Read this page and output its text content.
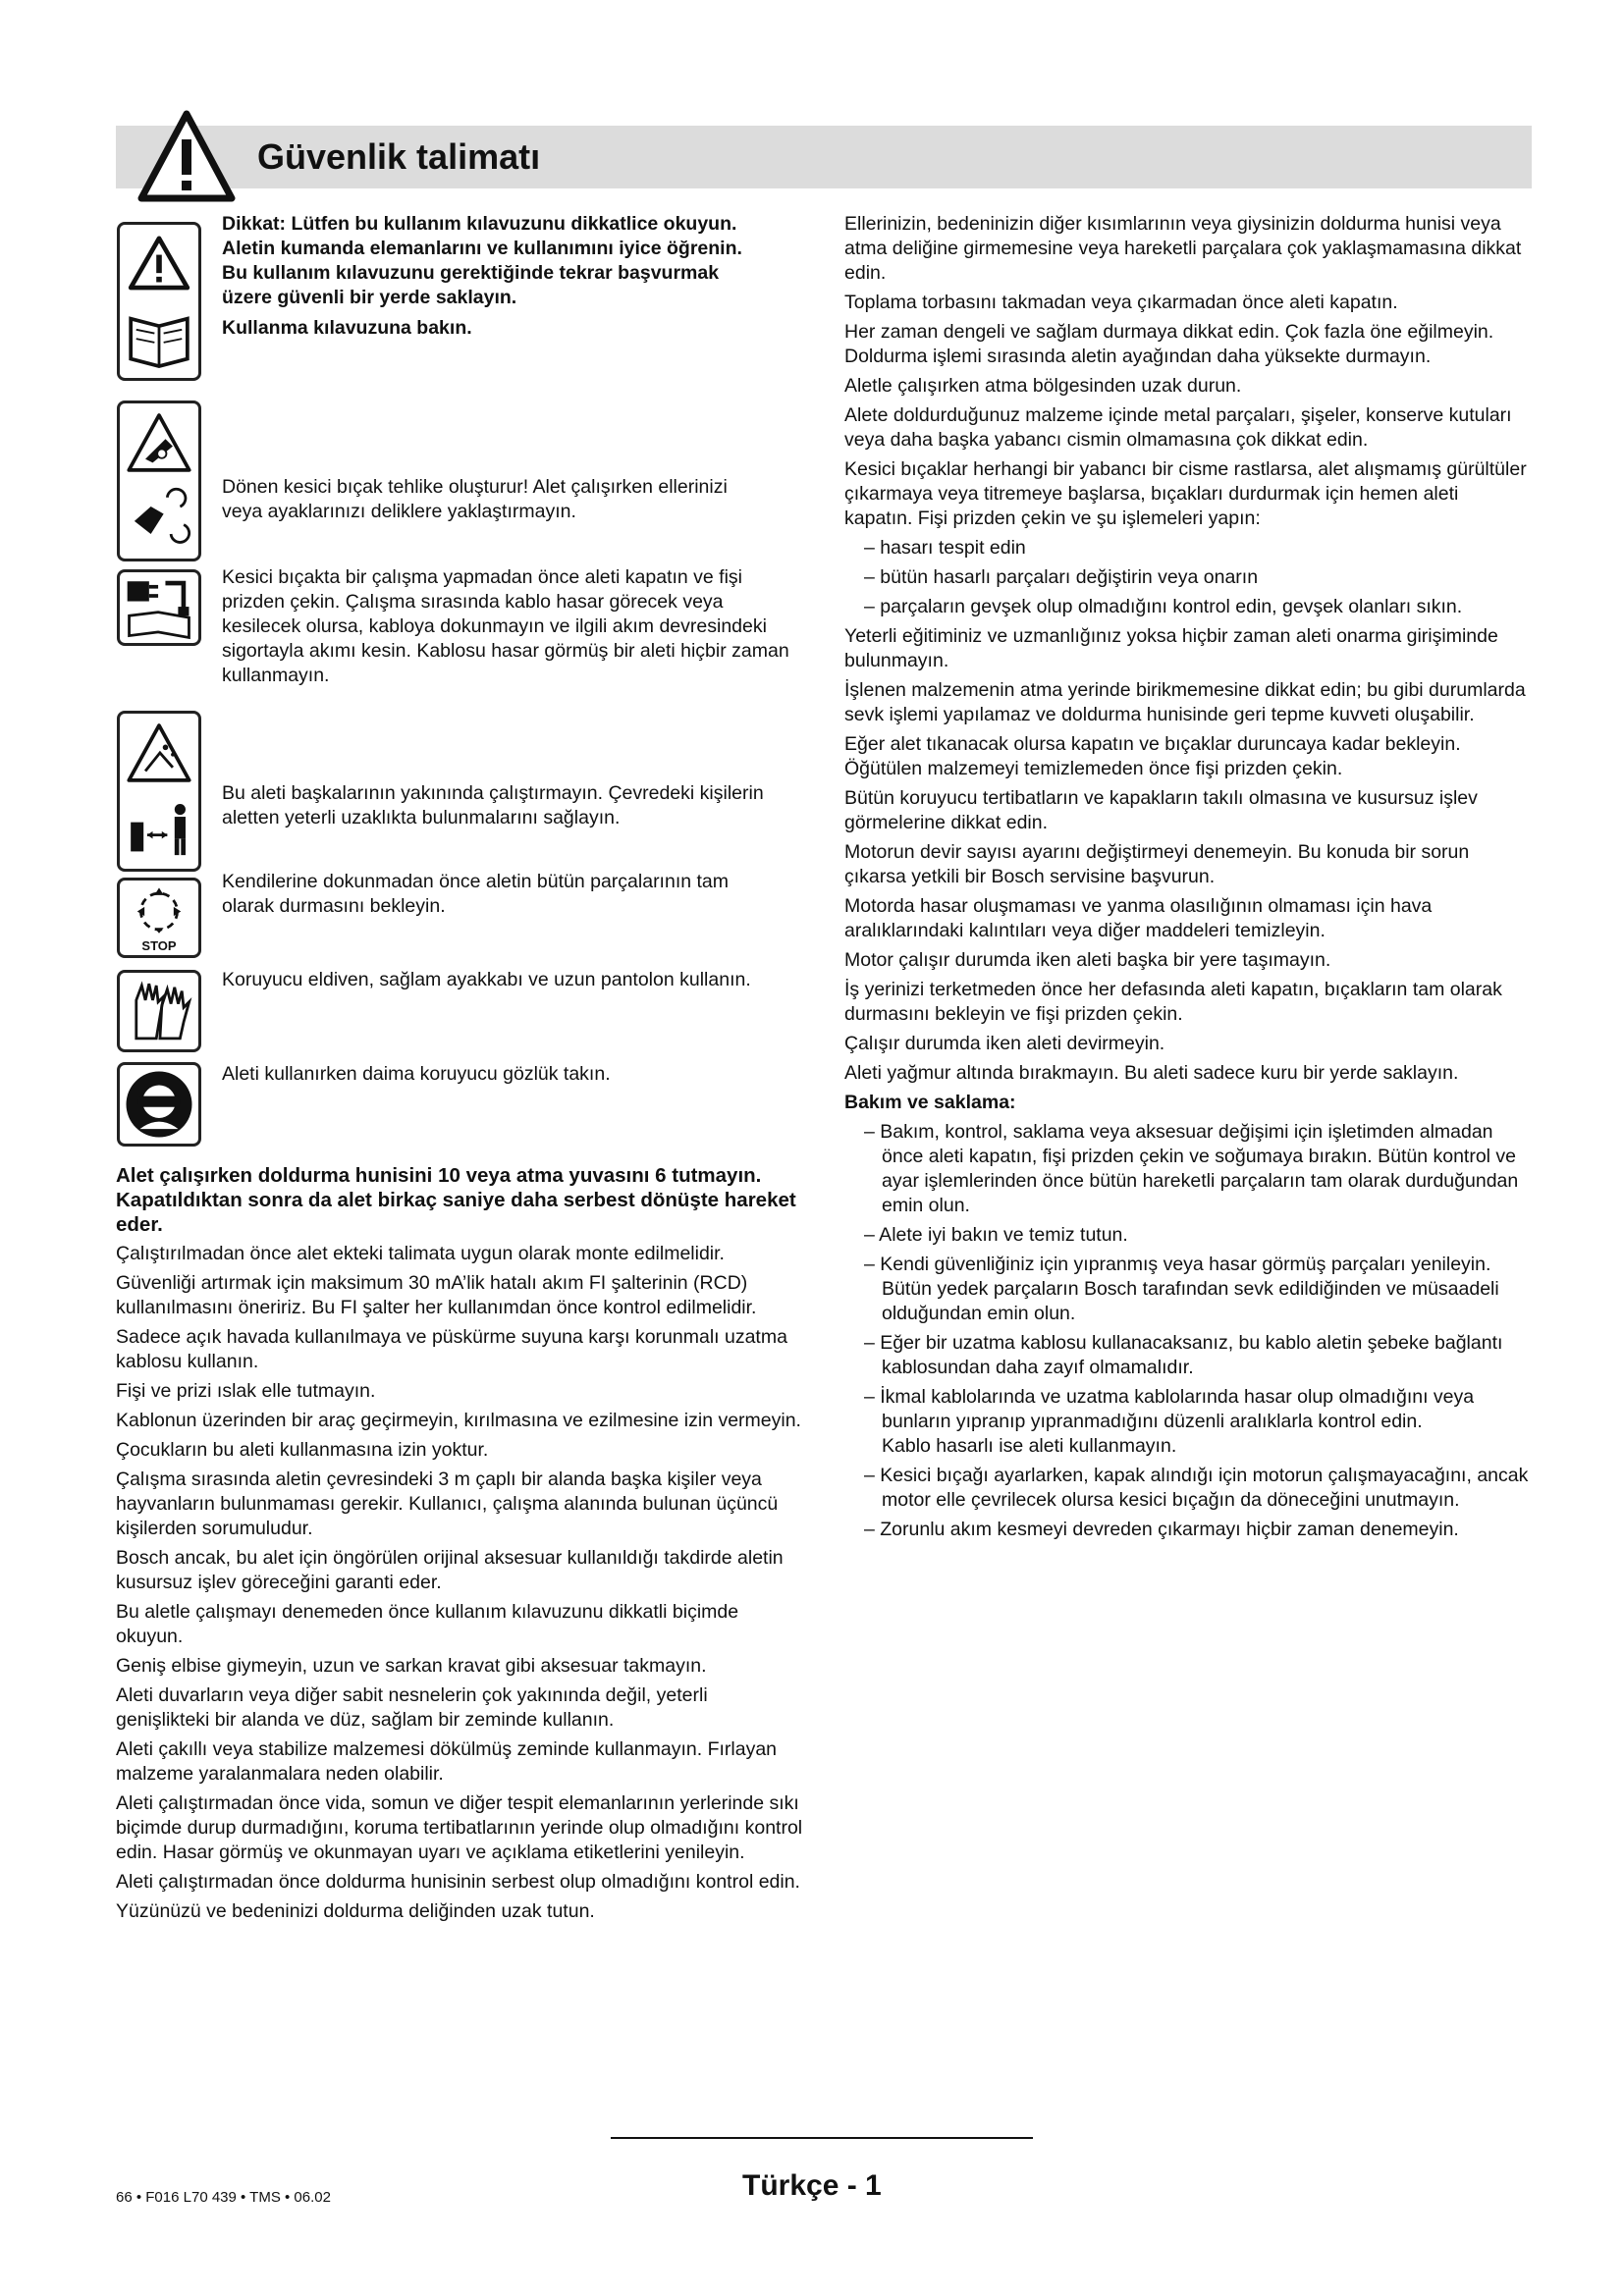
Güvenlik talimatı
STOP

Dikkat: Lütfen bu kullanım kılavuzunu dikkatlice okuyun. Aletin kumanda elemanlarını ve kullanımını iyice öğrenin. Bu kullanım kılavuzunu gerektiğinde tekrar başvurmak üzere güvenli bir yerde saklayın.

Kullanma kılavuzuna bakın.

Dönen kesici bıçak tehlike oluşturur! Alet çalışırken ellerinizi veya ayaklarınızı deliklere yaklaştırmayın.
Kesici bıçakta bir çalışma yapmadan önce aleti kapatın ve fişi prizden çekin. Çalışma sırasında kablo hasar görecek veya kesilecek olursa, kabloya dokunmayın ve ilgili akım devresindeki sigortayla akımı kesin. Kablosu hasar görmüş bir aleti hiçbir zaman kullanmayın.
Bu aleti başkalarının yakınında çalıştırmayın. Çevredeki kişilerin aletten yeterli uzaklıkta bulunmalarını sağlayın.
Kendilerine dokunmadan önce aletin bütün parçalarının tam olarak durmasını bekleyin.
Koruyucu eldiven, sağlam ayakkabı ve uzun pantolon kullanın.
Aleti kullanırken daima koruyucu gözlük takın.

Alet çalışırken doldurma hunisini 10 veya atma yuvasını 6 tutmayın. Kapatıldıktan sonra da alet birkaç saniye daha serbest dönüşte hareket eder.

Çalıştırılmadan önce alet ekteki talimata uygun olarak monte edilmelidir.

Güvenliği artırmak için maksimum 30 mA’lik hatalı akım FI şalterinin (RCD) kullanılmasını öneririz. Bu FI şalter her kullanımdan önce kontrol edilmelidir.

Sadece açık havada kullanılmaya ve püskürme suyuna karşı korunmalı uzatma kablosu kullanın.

Fişi ve prizi ıslak elle tutmayın.

Kablonun üzerinden bir araç geçirmeyin, kırılmasına ve ezilmesine izin vermeyin.

Çocukların bu aleti kullanmasına izin yoktur.

Çalışma sırasında aletin çevresindeki 3 m çaplı bir alanda başka kişiler veya hayvanların bulunmaması gerekir. Kullanıcı, çalışma alanında bulunan üçüncü kişilerden sorumuludur.

Bosch ancak, bu alet için öngörülen orijinal aksesuar kullanıldığı takdirde aletin kusursuz işlev göreceğini garanti eder.

Bu aletle çalışmayı denemeden önce kullanım kılavuzunu dikkatli biçimde okuyun.

Geniş elbise giymeyin, uzun ve sarkan kravat gibi aksesuar takmayın.

Aleti duvarların veya diğer sabit nesnelerin çok yakınında değil, yeterli genişlikteki bir alanda ve düz, sağlam bir zeminde kullanın.

Aleti çakıllı veya stabilize malzemesi dökülmüş zeminde kullanmayın. Fırlayan malzeme yaralanmalara neden olabilir.

Aleti çalıştırmadan önce vida, somun ve diğer tespit elemanlarının yerlerinde sıkı biçimde durup durmadığını, koruma tertibatlarının yerinde olup olmadığını kontrol edin. Hasar görmüş ve okunmayan uyarı ve açıklama etiketlerini yenileyin.

Aleti çalıştırmadan önce doldurma hunisinin serbest olup olmadığını kontrol edin.

Yüzünüzü ve bedeninizi doldurma deliğinden uzak tutun.

Ellerinizin, bedeninizin diğer kısımlarının veya giysinizin doldurma hunisi veya atma deliğine girmemesine veya hareketli parçalara çok yaklaşmamasına dikkat edin.

Toplama torbasını takmadan veya çıkarmadan önce aleti kapatın.

Her zaman dengeli ve sağlam durmaya dikkat edin. Çok fazla öne eğilmeyin. Doldurma işlemi sırasında aletin ayağından daha yüksekte durmayın.

Aletle çalışırken atma bölgesinden uzak durun.

Alete doldurduğunuz malzeme içinde metal parçaları, şişeler, konserve kutuları veya daha başka yabancı cismin olmamasına çok dikkat edin.

Kesici bıçaklar herhangi bir yabancı bir cisme rastlarsa, alet alışmamış gürültüler çıkarmaya veya titremeye başlarsa, bıçakları durdurmak için hemen aleti kapatın. Fişi prizden çekin ve şu işlemeleri yapın:

– hasarı tespit edin

– bütün hasarlı parçaları değiştirin veya onarın

– parçaların gevşek olup olmadığını kontrol edin, gevşek olanları sıkın.

Yeterli eğitiminiz ve uzmanlığınız yoksa hiçbir zaman aleti onarma girişiminde bulunmayın.

İşlenen malzemenin atma yerinde birikmemesine dikkat edin; bu gibi durumlarda sevk işlemi yapılamaz ve doldurma hunisinde geri tepme kuvveti oluşabilir.

Eğer alet tıkanacak olursa kapatın ve bıçaklar duruncaya kadar bekleyin. Öğütülen malzemeyi temizlemeden önce fişi prizden çekin.

Bütün koruyucu tertibatların ve kapakların takılı olmasına ve kusursuz işlev görmelerine dikkat edin.

Motorun devir sayısı ayarını değiştirmeyi denemeyin. Bu konuda bir sorun çıkarsa yetkili bir Bosch servisine başvurun.

Motorda hasar oluşmaması ve yanma olasılığının olmaması için hava aralıklarındaki kalıntıları veya diğer maddeleri temizleyin.

Motor çalışır durumda iken aleti başka bir yere taşımayın.

İş yerinizi terketmeden önce her defasında aleti kapatın, bıçakların tam olarak durmasını bekleyin ve fişi prizden çekin.

Çalışır durumda iken aleti devirmeyin.

Aleti yağmur altında bırakmayın. Bu aleti sadece kuru bir yerde saklayın.

Bakım ve saklama:

– Bakım, kontrol, saklama veya aksesuar değişimi için işletimden almadan önce aleti kapatın, fişi prizden çekin ve soğumaya bırakın. Bütün kontrol ve ayar işlemlerinden önce bütün hareketli parçaların tam olarak durduğundan emin olun.

– Alete iyi bakın ve temiz tutun.

– Kendi güvenliğiniz için yıpranmış veya hasar görmüş parçaları yenileyin. Bütün yedek parçaların Bosch tarafından sevk edildiğinden ve müsaadeli olduğundan emin olun.

– Eğer bir uzatma kablosu kullanacaksanız, bu kablo aletin şebeke bağlantı kablosundan daha zayıf olmamalıdır.

– İkmal kablolarında ve uzatma kablolarında hasar olup olmadığını veya bunların yıpranıp yıpranmadığını düzenli aralıklarla kontrol edin.

Kablo hasarlı ise aleti kullanmayın.

– Kesici bıçağı ayarlarken, kapak alındığı için motorun çalışmayacağını, ancak motor elle çevrilecek olursa kesici bıçağın da döneceğini unutmayın.

– Zorunlu akım kesmeyi devreden çıkarmayı hiçbir zaman denemeyin.

66 • F016 L70 439 • TMS • 06.02	Türkçe - 1
